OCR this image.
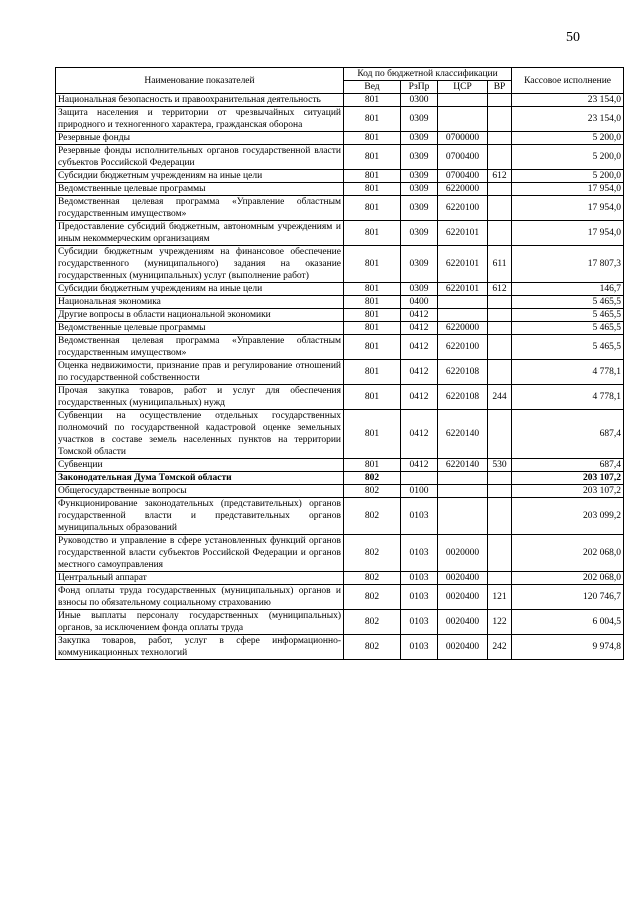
50
Наименование показателей	Код по бюджетной классификации				Кассовое исполнение
	Вед	РзПр	ЦСР	ВР	
Национальная безопасность и правоохранительная деятельность	801	0300			23 154,0
Защита населения и территории от чрезвычайных ситуаций природного и техногенного характера, гражданская оборона	801	0309			23 154,0
Резервные фонды	801	0309	0700000		5 200,0
Резервные фонды исполнительных органов государственной власти субъектов Российской Федерации	801	0309	0700400		5 200,0
Субсидии бюджетным учреждениям на иные цели	801	0309	0700400	612	5 200,0
Ведомственные целевые программы	801	0309	6220000		17 954,0
Ведомственная целевая программа «Управление областным государственным имуществом»	801	0309	6220100		17 954,0
Предоставление субсидий бюджетным, автономным учреждениям и иным некоммерческим организациям	801	0309	6220101		17 954,0
Субсидии бюджетным учреждениям на финансовое обеспечение государственного (муниципального) задания на оказание государственных (муниципальных) услуг (выполнение работ)	801	0309	6220101	611	17 807,3
Субсидии бюджетным учреждениям на иные цели	801	0309	6220101	612	146,7
Национальная экономика	801	0400			5 465,5
Другие вопросы в области национальной экономики	801	0412			5 465,5
Ведомственные целевые программы	801	0412	6220000		5 465,5
Ведомственная целевая программа «Управление областным государственным имуществом»	801	0412	6220100		5 465,5
Оценка недвижимости, признание прав и регулирование отношений по государственной собственности	801	0412	6220108		4 778,1
Прочая закупка товаров, работ и услуг для обеспечения государственных (муниципальных) нужд	801	0412	6220108	244	4 778,1
Субвенции на осуществление отдельных государственных полномочий по государственной кадастровой оценке земельных участков в составе земель населенных пунктов на территории Томской области	801	0412	6220140		687,4
Субвенции	801	0412	6220140	530	687,4
Законодательная Дума Томской области	802				203 107,2
Общегосударственные вопросы	802	0100			203 107,2
Функционирование законодательных (представительных) органов государственной власти и представительных органов муниципальных образований	802	0103			203 099,2
Руководство и управление в сфере установленных функций органов государственной власти субъектов Российской Федерации и органов местного самоуправления	802	0103	0020000		202 068,0
Центральный аппарат	802	0103	0020400		202 068,0
Фонд оплаты труда государственных (муниципальных) органов и взносы по обязательному социальному страхованию	802	0103	0020400	121	120 746,7
Иные выплаты персоналу государственных (муниципальных) органов, за исключением фонда оплаты труда	802	0103	0020400	122	6 004,5
Закупка товаров, работ, услуг в сфере информационно-коммуникационных технологий	802	0103	0020400	242	9 974,8
